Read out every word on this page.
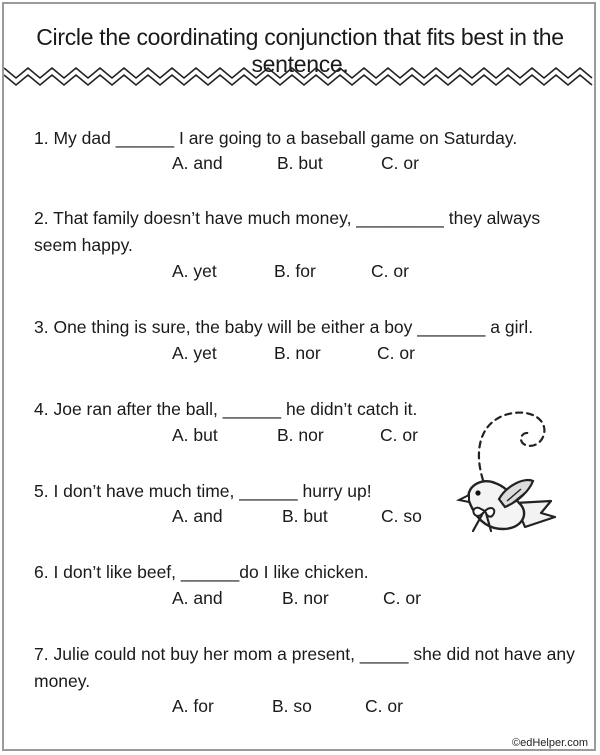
Circle the coordinating conjunction that fits best in the sentence.
1. My dad ______ I are going to a baseball game on Saturday.
A. and	B. but	C. or
2. That family doesn’t have much money, _________ they always seem happy.
A. yet	B. for	C. or
3. One thing is sure, the baby will be either a boy _______ a girl.
A. yet	B. nor	C. or
4. Joe ran after the ball, ______ he didn’t catch it.
A. but	B. nor	C. or
5. I don’t have much time, ______ hurry up!
A. and	B. but	C. so
6. I don’t like beef, ______do I like chicken.
A. and	B. nor	C. or
7. Julie could not buy her mom a present, _____ she did not have any money.
A. for	B. so	C. or
©edHelper.com
